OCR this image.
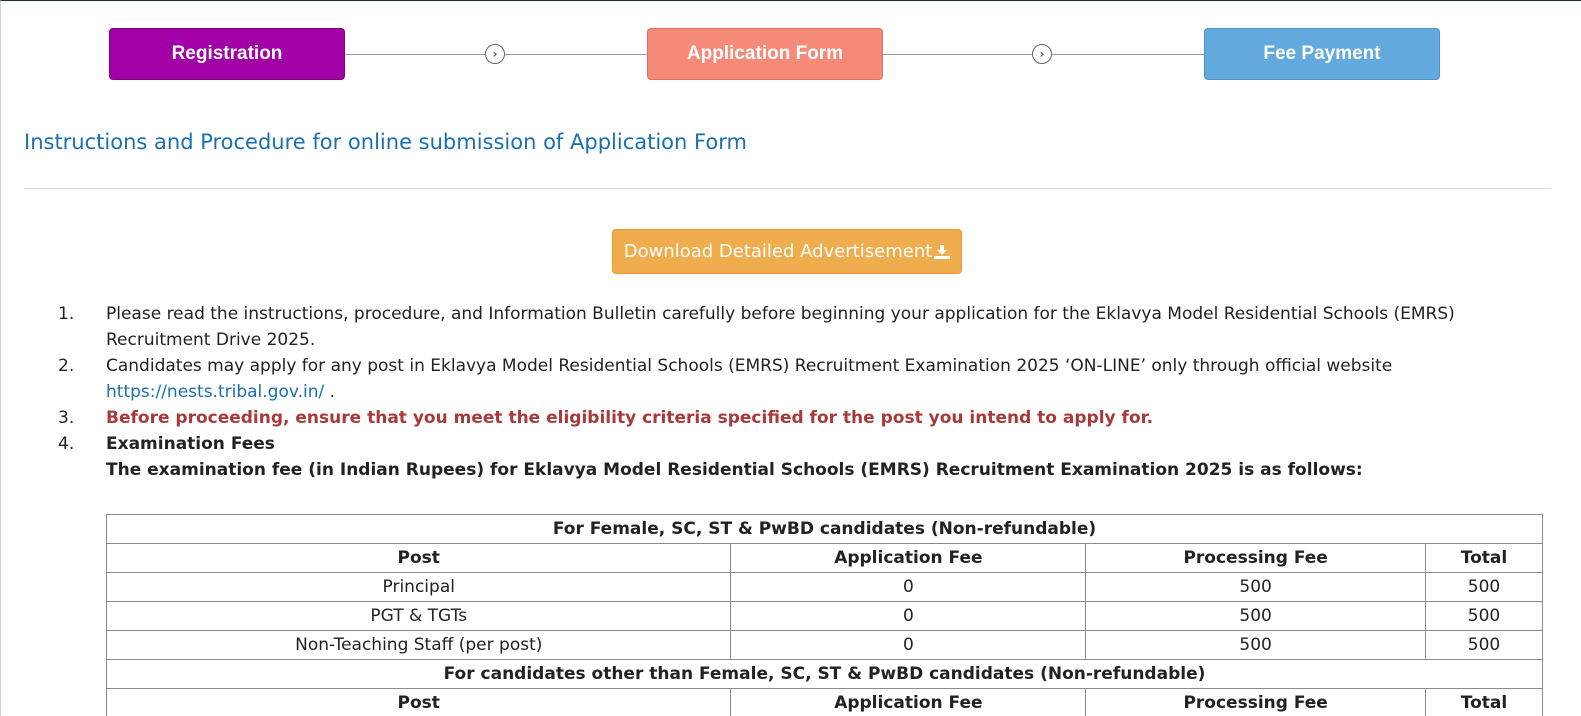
Registration	›	Application Form	›	Fee Payment
Instructions and Procedure for online submission of Application Form
Download Detailed Advertisement
1. Please read the instructions, procedure, and Information Bulletin carefully before beginning your application for the Eklavya Model Residential Schools (EMRS) Recruitment Drive 2025.
2. Candidates may apply for any post in Eklavya Model Residential Schools (EMRS) Recruitment Examination 2025 ‘ON-LINE’ only through official website
https://nests.tribal.gov.in/ .
3. Before proceeding, ensure that you meet the eligibility criteria specified for the post you intend to apply for.
4. Examination Fees
The examination fee (in Indian Rupees) for Eklavya Model Residential Schools (EMRS) Recruitment Examination 2025 is as follows:
For Female, SC, ST & PwBD candidates (Non-refundable)			
Post	Application Fee	Processing Fee	Total
Principal	0	500	500
PGT & TGTs	0	500	500
Non-Teaching Staff (per post)	0	500	500
For candidates other than Female, SC, ST & PwBD candidates (Non-refundable)			
Post	Application Fee	Processing Fee	Total
